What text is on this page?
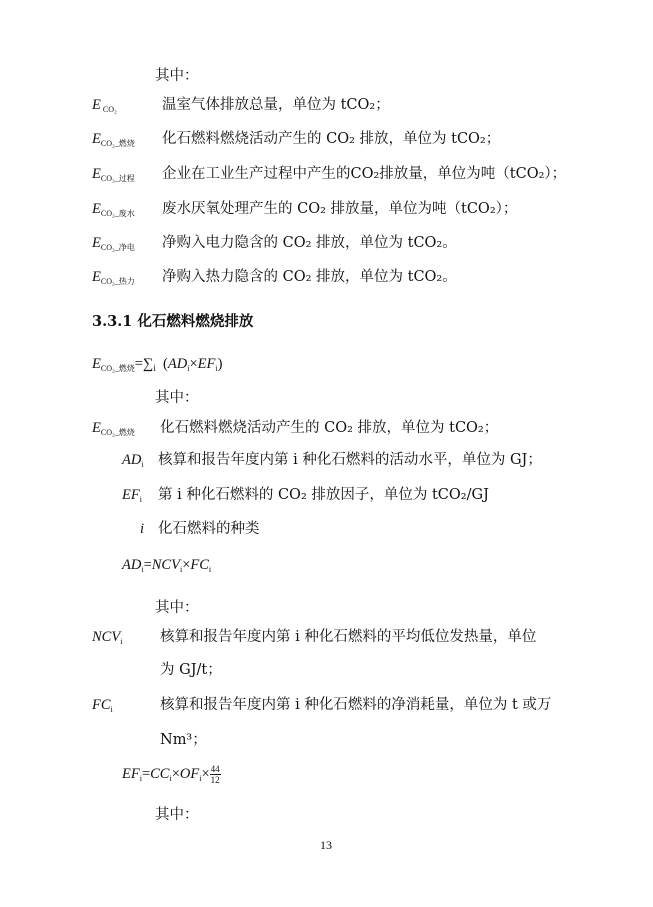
其中：
E $_{CO_2}$	温室气体排放总量，单位为 tCO₂；
$E_{CO_2\_燃烧}$ 化石燃料燃烧活动产生的 CO₂ 排放，单位为 tCO₂；
$E_{CO_2\_过程}$ 企业在工业生产过程中产生的CO₂排放量，单位为吨（tCO₂）；
$E_{CO_2\_废水}$ 废水厌氧处理产生的 CO₂ 排放量，单位为吨（tCO₂）；
$E_{CO_2\_净电}$ 净购入电力隐含的 CO₂ 排放，单位为 tCO₂。
$E_{CO_2\_热力}$ 净购入热力隐含的 CO₂ 排放，单位为 tCO₂。
3.3.1 化石燃料燃烧排放
$E_{CO_2\_燃烧}=\sum_i$ $(AD_i\times EF_i)$
其中：
$E_{CO_2\_燃烧}$ 化石燃料燃烧活动产生的 CO₂ 排放，单位为 tCO₂；
$AD_i$ 核算和报告年度内第 i 种化石燃料的活动水平，单位为 GJ；
$EF_i$ 第 i 种化石燃料的 CO₂ 排放因子，单位为 tCO₂/GJ
i 化石燃料的种类
$AD_i=NCV_i\times FC_i$
其中：
$NCV_i$	核算和报告年度内第 i 种化石燃料的平均低位发热量，单位
为 GJ/t；
$FC_i$	核算和报告年度内第 i 种化石燃料的净消耗量，单位为 t 或万
Nm³；
$EF_i=CC_i\times OF_i\times \frac{44}{12}$
其中：
13
